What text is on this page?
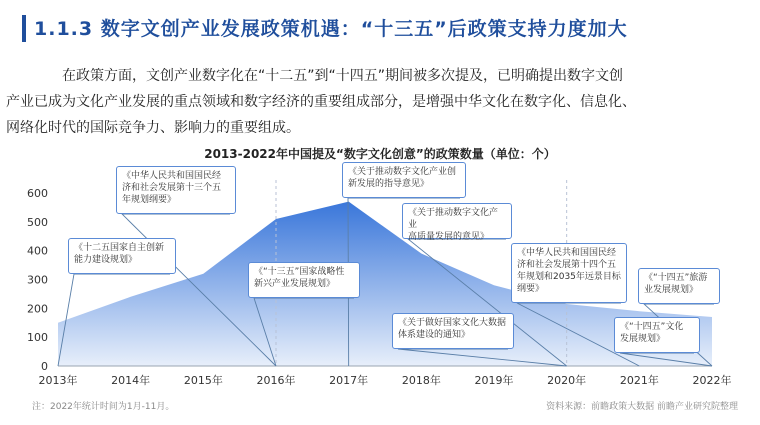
1.1.3 数字文创产业发展政策机遇：“十三五”后政策支持力度加大
在政策方面，文创产业数字化在“十二五”到“十四五”期间被多次提及，已明确提出数字文创
产业已成为文化产业发展的重点领域和数字经济的重要组成部分，是增强中华文化在数字化、信息化、
网络化时代的国际竞争力、影响力的重要组成。
2013-2022年中国提及“数字文化创意”的政策数量（单位：个）
0
100
200
300
400
500
600
2013年	2014年	2015年	2016年	2017年	2018年	2019年	2020年	2021年	2022年
《十二五国家自主创新
能力建设规划》
《中华人民共和国国民经
济和社会发展第十三个五
年规划纲要》
《“十三五”国家战略性
新兴产业发展规划》
《关于推动数字文化产业创
新发展的指导意见》
《关于推动数字文化产业
高质量发展的意见》
《关于做好国家文化大数据
体系建设的通知》
《中华人民共和国国民经
济和社会发展第十四个五
年规划和2035年远景目标
纲要》
《“十四五”旅游
业发展规划》
《“十四五”文化
发展规划》
注：2022年统计时间为1月-11月。	资料来源：前瞻政策大数据 前瞻产业研究院整理
